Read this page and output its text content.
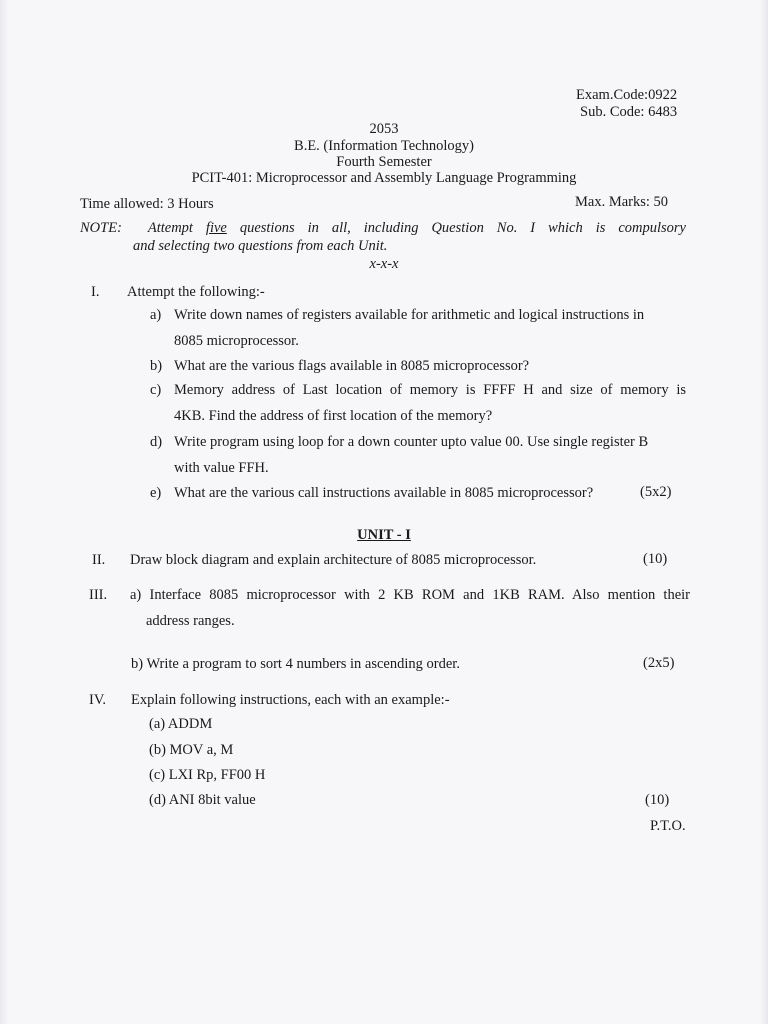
Exam.Code:0922
Sub. Code: 6483
2053
B.E. (Information Technology)
Fourth Semester
PCIT-401: Microprocessor and Assembly Language Programming
Time allowed: 3 Hours	Max. Marks: 50
NOTE: Attempt five questions in all, including Question No. I which is compulsory
and selecting two questions from each Unit.
x-x-x
I. Attempt the following:-
a) Write down names of registers available for arithmetic and logical instructions in
8085 microprocessor.
b) What are the various flags available in 8085 microprocessor?
c) Memory address of Last location of memory is FFFF H and size of memory is
4KB. Find the address of first location of the memory?
d) Write program using loop for a down counter upto value 00. Use single register B
with value FFH.
e) What are the various call instructions available in 8085 microprocessor?	(5x2)
UNIT - I
II. Draw block diagram and explain architecture of 8085 microprocessor.	(10)
III. a) Interface 8085 microprocessor with 2 KB ROM and 1KB RAM. Also mention their
address ranges.
b) Write a program to sort 4 numbers in ascending order.	(2x5)
IV. Explain following instructions, each with an example:-
(a) ADDM
(b) MOV a, M
(c) LXI Rp, FF00 H
(d) ANI 8bit value	(10)
P.T.O.
